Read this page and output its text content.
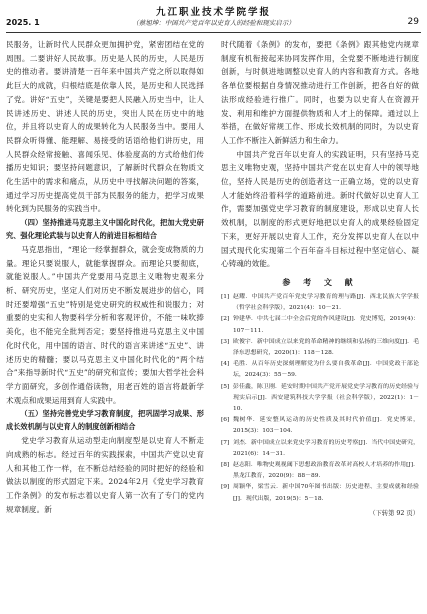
九江职业技术学院学报
2025. 1	（蔡旭坤：中国共产党百年以史育人的经验和现实启示）	29

民服务，让新时代人民群众更加拥护党，紧密团结在党的周围。二要讲好人民故事。历史是人民的历史，人民是历史的推动者。要讲清楚一百年来中国共产党之所以取得如此巨大的成就，归根结底是依靠人民，是历史和人民选择了党。讲好“五史”，关键是要把人民融入历史当中，让人民讲述历史、讲述人民的历史，突出人民在历史中的地位，并且将以史育人的成果转化为人民服务当中。要用人民群众听得懂、能理解、易接受的话语给他们讲历史，用人民群众经常接触、喜闻乐见、体验度高的方式给他们传播历史知识；要坚持问题意识，了解新时代群众在物质文化生活中的需求和痛点，从历史中寻找解决问题的答案，通过学习历史提高党员干部为民服务的能力，把学习成果转化到为民服务的实践当中。

（四）坚持推进马克思主义中国化时代化，把加大党史研究、强化理论武装与以史育人的前进目标相结合

马克思指出，“理论一经掌握群众，就会变成物质的力量。理论只要说服人，就能掌握群众。而理论只要彻底，就能说服人。”中国共产党要用马克思主义唯物史观来分析、研究历史，坚定人们对历史不断发展进步的信心，同时还要增强“五史”特别是党史研究的权威性和说服力；对重要的史实和人物要科学分析和客观评价，不能一味吹捧美化，也不能完全批判否定；要坚持推进马克思主义中国化时代化，用中国的语言、时代的语言来讲述“五史”、讲述历史的精髓；要以马克思主义中国化时代化的“两个结合”来指导新时代“五史”的研究和宣传；要加大哲学社会科学方面研究，多创作通俗读物，用老百姓的语言将最新学术观点和成果运用到育人实践中。

（五）坚持完善党史学习教育制度，把巩固学习成果、形成长效机制与以史育人的制度创新相结合

党史学习教育从运动型走向制度型是以史育人不断走向成熟的标志。经过百年的实践探索，中国共产党以史育人和其他工作一样，在不断总结经验的同时把好的经验和做法以制度的形式固定下来。2024年2月《党史学习教育工作条例》的发布标志着以史育人第一次有了专门的党内规章制度。新

时代随着《条例》的发布，要把《条例》跟其他党内规章制度有机衔接起来协同发挥作用，全党要不断地进行制度创新，与时俱进地调整以史育人的内容和教育方式。各地各单位要根据自身情况推动进行工作创新，把各自好的做法形成经验进行推广。同时，也要为以史育人在资源开发、利用和维护方面提供物质和人才上的保障。通过以上举措，在做好常规工作、形成长效机制的同时，为以史育人工作不断注入新鲜活力和生命力。

中国共产党百年以史育人的实践证明，只有坚持马克思主义唯物史观，坚持中国共产党在以史育人中的领导地位，坚持人民是历史的创造者这一正确立场，党的以史育人才能始终沿着科学的道路前进。新时代做好以史育人工作，需要加强党史学习教育的制度建设，形成以史育人长效机制，以制度的形式更好地把以史育人的成果经验固定下来，更好开展以史育人工作，充分发挥以史育人在以中国式现代化实现第二个百年奋斗目标过程中坚定信心、凝心铸魂的效能。

参 考 文 献
[1] 赵耀．中国共产党百年党史学习教育的理与路[J]．西北民族大学学报（哲学社会科学版），2021(4)：10－21.
[2] 钟建华．中共七届二中全会后党的作风建设[J]．党史博览，2019(4)：107－111.
[3] 欧俊宇．新中国成立以来党的革命精神的继续和弘扬的三维向度[J]．毛泽东思想研究，2020(1)：118－128.
[4] 毛胜．从百年历史深刻理解党为什么要自我革命[J]．中国党政干部论坛，2024(3)：55－59.
[5] 彭佳鑫，陈卫刚．延安时期中国共产党开展党史学习教育的历史经验与现实启示[J]．西安建筑科技大学学报（社会科学版），2022(1)：1－10.
[6] 魏树华．延安整风运动的历史性质及其时代价值[J]．党史博采，2015(3)：103－104.
[7] 刘杰．新中国成立以来党史学习教育的历史考察[J]．当代中国史研究，2021(6)：14－31.
[8] 赵志阳．唯物史观视阈下思想政治教育改革对高校人才培养的作用[J]．黑龙江教育，2020(9)：88－89.
[9] 周颖华，梁雪云．新中国70年图书出版：历史进程、主要成就和经验[J]．现代出版，2019(5)：5－18.
（下转第 92 页）
